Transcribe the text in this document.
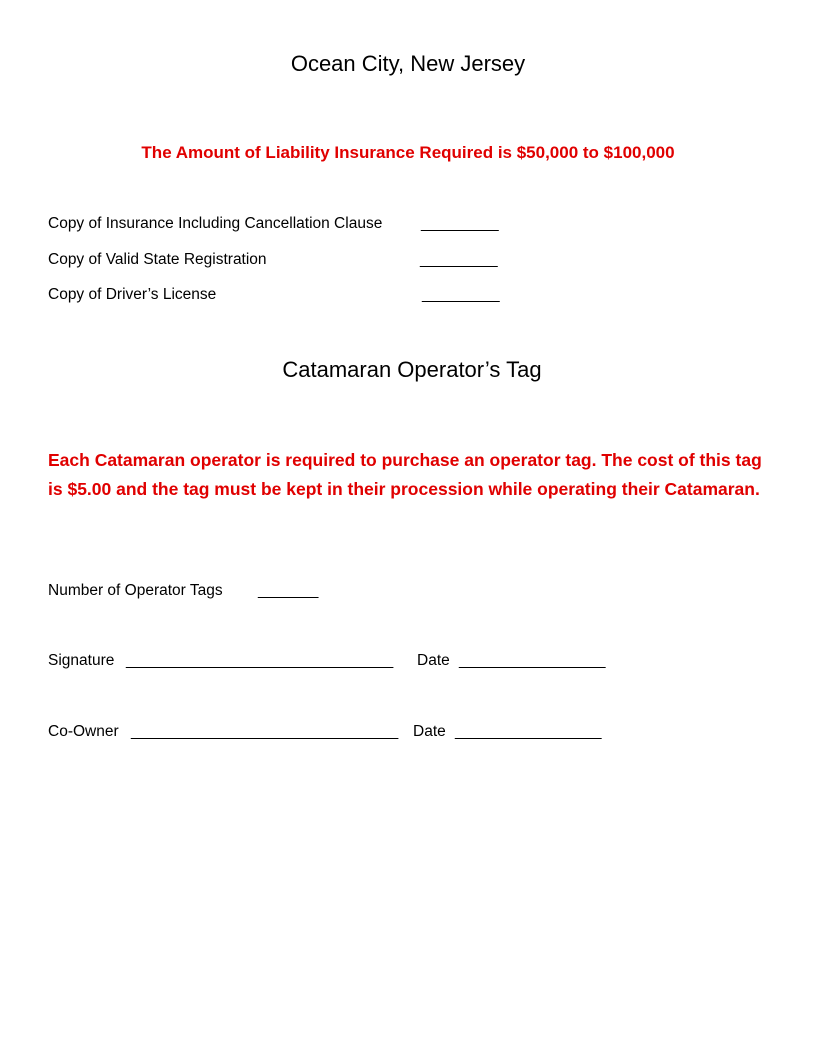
Ocean City, New Jersey
The Amount of Liability Insurance Required is $50,000 to $100,000
Copy of Insurance Including Cancellation Clause _________
Copy of Valid State Registration	_________
Copy of Driver’s License	_________
Catamaran Operator’s Tag
Each Catamaran operator is required to purchase an operator tag. The cost of this tag is $5.00 and the tag must be kept in their procession while operating their Catamaran.
Number of Operator Tags _______
Signature _______________________________ Date _________________
Co-Owner _______________________________ Date _________________
